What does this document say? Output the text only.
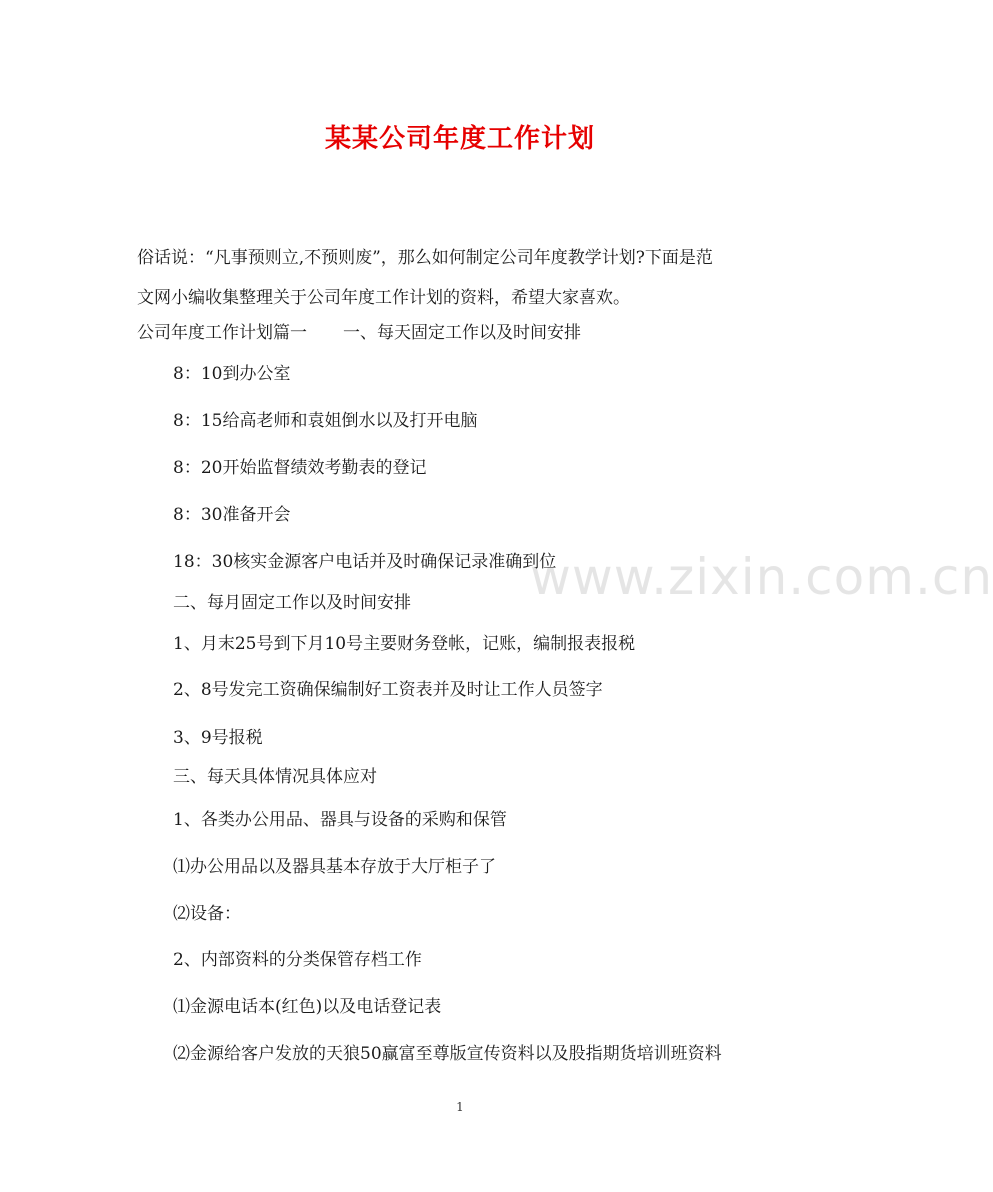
某某公司年度工作计划
俗话说：“凡事预则立,不预则废”，那么如何制定公司年度教学计划?下面是范
文网小编收集整理关于公司年度工作计划的资料，希望大家喜欢。
公司年度工作计划篇一 一、每天固定工作以及时间安排
8：10到办公室
8：15给高老师和袁姐倒水以及打开电脑
8：20开始监督绩效考勤表的登记
8：30准备开会
18：30核实金源客户电话并及时确保记录准确到位
二、每月固定工作以及时间安排
1、月末25号到下月10号主要财务登帐，记账，编制报表报税
2、8号发完工资确保编制好工资表并及时让工作人员签字
3、9号报税
三、每天具体情况具体应对
1、各类办公用品、器具与设备的采购和保管
⑴办公用品以及器具基本存放于大厅柜子了
⑵设备：
2、内部资料的分类保管存档工作
⑴金源电话本(红色)以及电话登记表
⑵金源给客户发放的天狼50赢富至尊版宣传资料以及股指期货培训班资料
www.zixin.com.cn
1
